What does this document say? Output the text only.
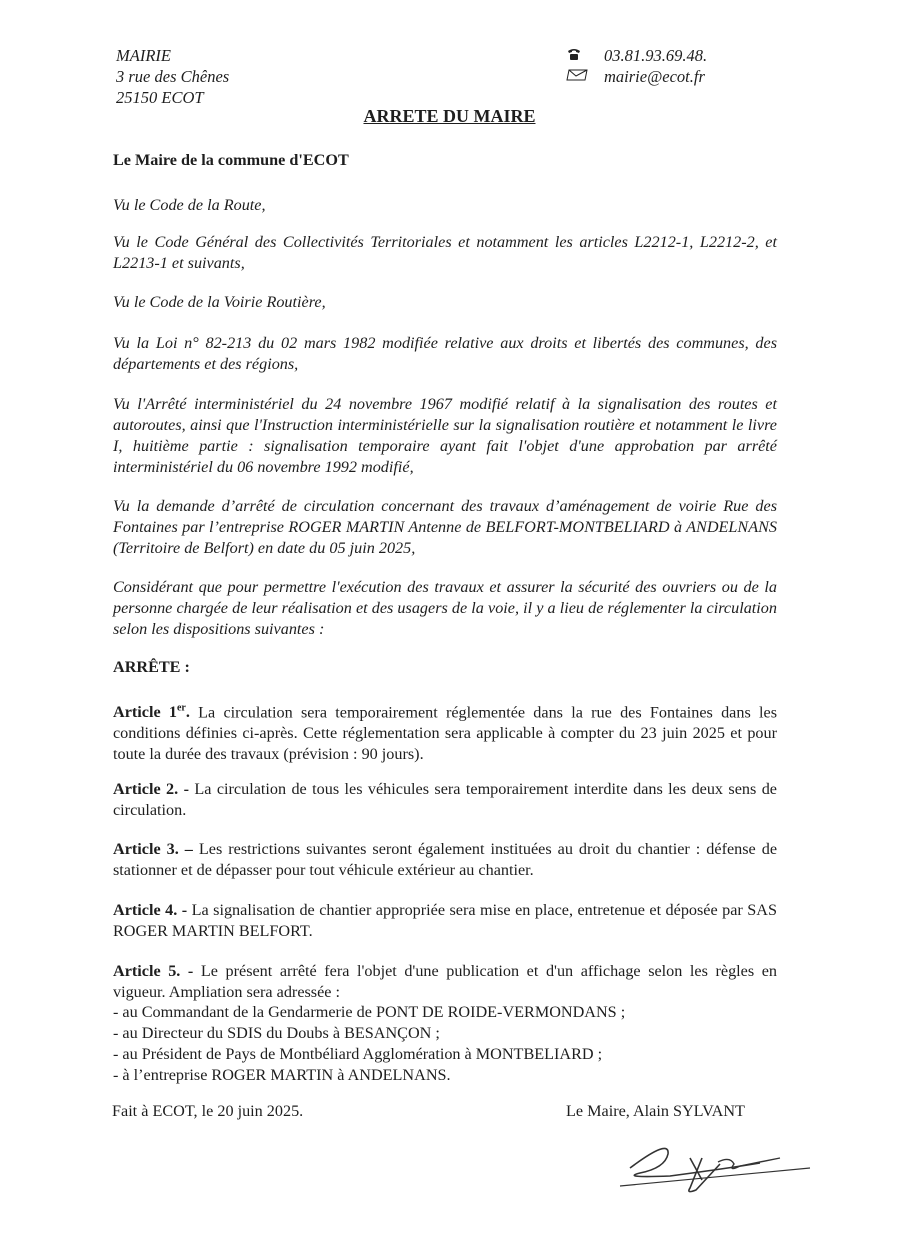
MAIRIE
3 rue des Chênes
25150 ECOT
03.81.93.69.48.
mairie@ecot.fr
ARRETE DU MAIRE
Le Maire de la commune d'ECOT
Vu le Code de la Route,
Vu le Code Général des Collectivités Territoriales et notamment les articles L2212-1, L2212-2, et L2213-1 et suivants,
Vu le Code de la Voirie Routière,
Vu la Loi n° 82-213 du 02 mars 1982 modifiée relative aux droits et libertés des communes, des départements et des régions,
Vu l'Arrêté interministériel du 24 novembre 1967 modifié relatif à la signalisation des routes et autoroutes, ainsi que l'Instruction interministérielle sur la signalisation routière et notamment le livre I, huitième partie : signalisation temporaire ayant fait l'objet d'une approbation par arrêté interministériel du 06 novembre 1992 modifié,
Vu la demande d’arrêté de circulation concernant des travaux d’aménagement de voirie Rue des Fontaines par l’entreprise ROGER MARTIN Antenne de BELFORT-MONTBELIARD à ANDELNANS (Territoire de Belfort) en date du 05 juin 2025,
Considérant que pour permettre l'exécution des travaux et assurer la sécurité des ouvriers ou de la personne chargée de leur réalisation et des usagers de la voie, il y a lieu de réglementer la circulation selon les dispositions suivantes :
ARRÊTE :
Article 1er. La circulation sera temporairement réglementée dans la rue des Fontaines dans les conditions définies ci-après. Cette réglementation sera applicable à compter du 23 juin 2025 et pour toute la durée des travaux (prévision : 90 jours).
Article 2. - La circulation de tous les véhicules sera temporairement interdite dans les deux sens de circulation.
Article 3. – Les restrictions suivantes seront également instituées au droit du chantier : défense de stationner et de dépasser pour tout véhicule extérieur au chantier.
Article 4. - La signalisation de chantier appropriée sera mise en place, entretenue et déposée par SAS ROGER MARTIN BELFORT.
Article 5. - Le présent arrêté fera l'objet d'une publication et d'un affichage selon les règles en vigueur. Ampliation sera adressée :
- au Commandant de la Gendarmerie de PONT DE ROIDE-VERMONDANS ;
- au Directeur du SDIS du Doubs à BESANÇON ;
- au Président de Pays de Montbéliard Agglomération à MONTBELIARD ;
- à l’entreprise ROGER MARTIN à ANDELNANS.
Fait à ECOT, le 20 juin 2025.	Le Maire, Alain SYLVANT
